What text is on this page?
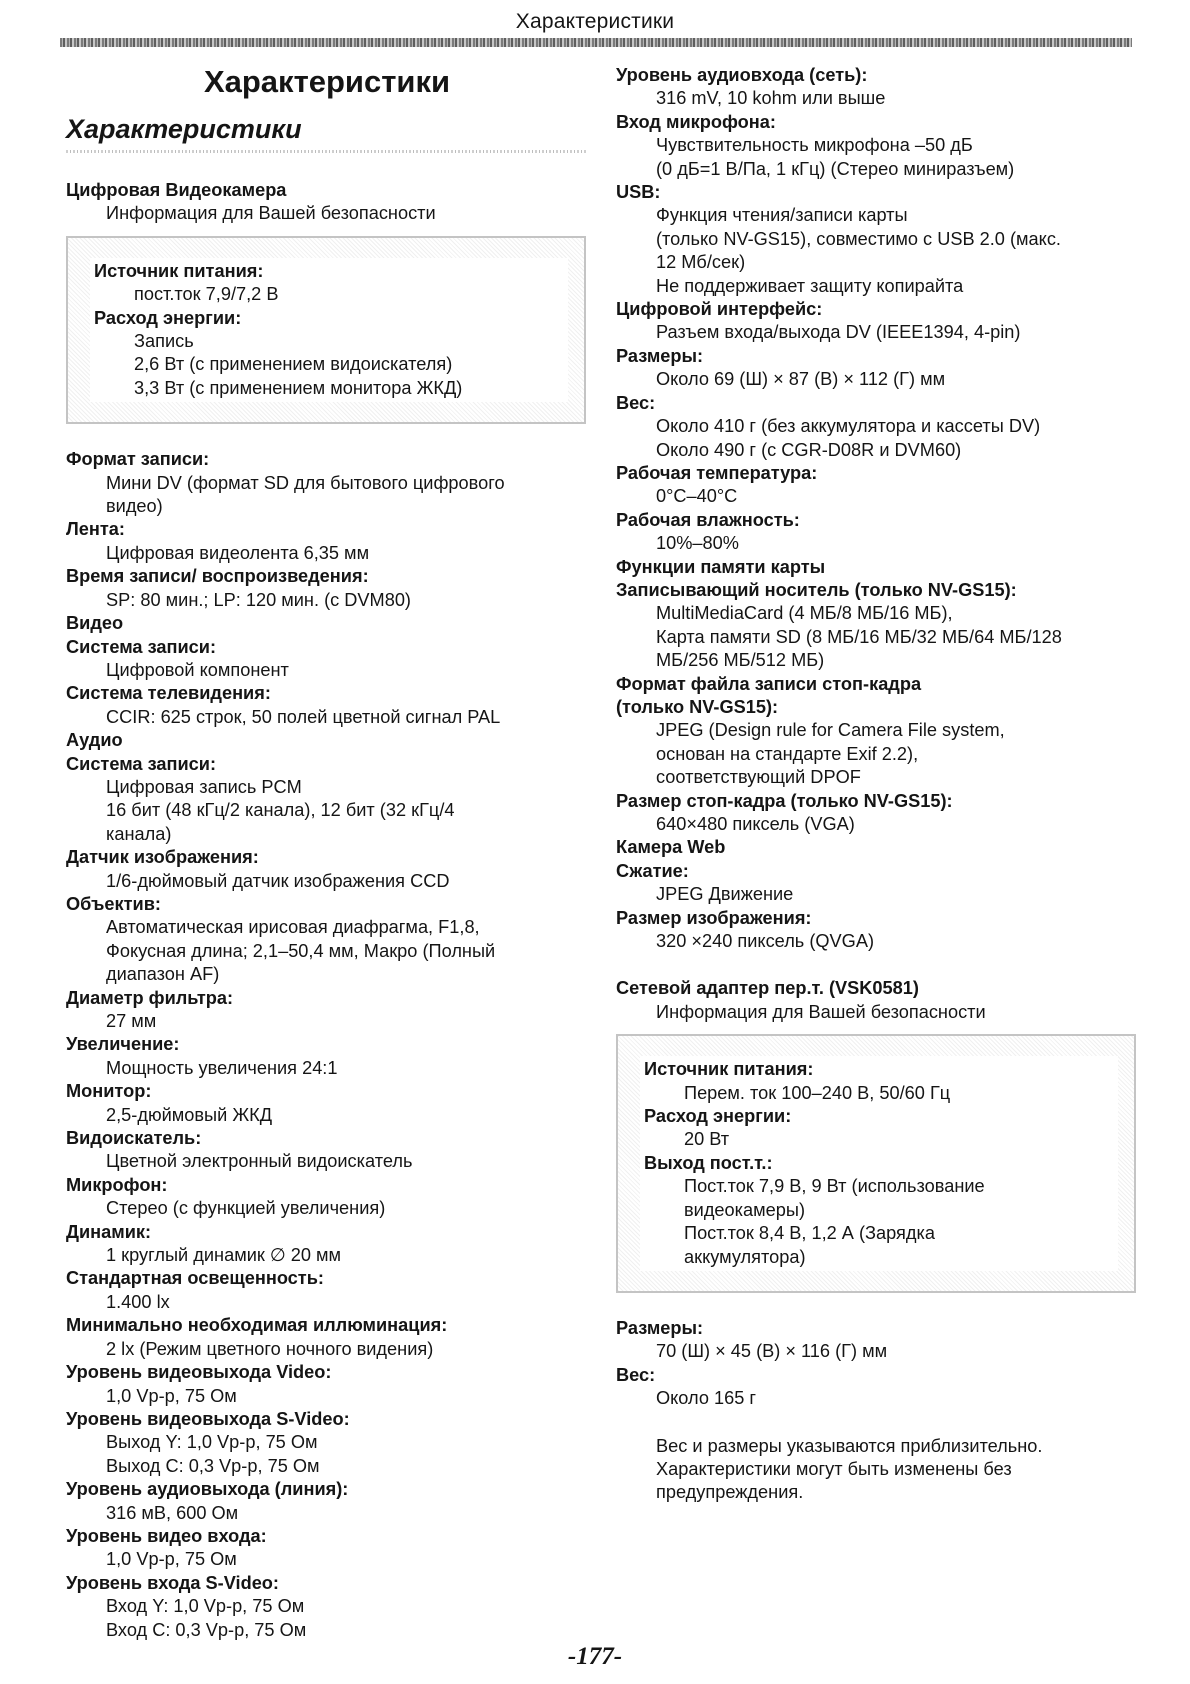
Характеристики
Характеристики
Характеристики
Цифровая Видеокамера
Информация для Вашей безопасности
Источник питания:
пост.ток 7,9/7,2 В
Расход энергии:
Запись
2,6 Вт (с применением видоискателя)
3,3 Вт (с применением монитора ЖКД)
Формат записи:
Мини DV (формат SD для бытового цифрового
видео)
Лента:
Цифровая видеолента 6,35 мм
Время записи/ воспроизведения:
SP: 80 мин.; LP: 120 мин. (с DVM80)
Видео
Система записи:
Цифровой компонент
Система телевидения:
CCIR: 625 строк, 50 полей цветной сигнал PAL
Аудио
Система записи:
Цифровая запись PCM
16 бит (48 кГц/2 канала), 12 бит (32 кГц/4
канала)
Датчик изображения:
1/6-дюймовый датчик изображения CCD
Объектив:
Автоматическая ирисовая диафрагма, F1,8,
Фокусная длина; 2,1–50,4 мм, Макро (Полный
диапазон AF)
Диаметр фильтра:
27 мм
Увеличение:
Мощность увеличения 24:1
Монитор:
2,5-дюймовый ЖКД
Видоискатель:
Цветной электронный видоискатель
Микрофон:
Стерео (с функцией увеличения)
Динамик:
1 круглый динамик ∅ 20 мм
Стандартная освещенность:
1.400 lx
Минимально необходимая иллюминация:
2 lx (Режим цветного ночного видения)
Уровень видеовыхода Video:
1,0 Vp-p, 75 Ом
Уровень видеовыхода S-Video:
Выход Y: 1,0 Vp-p, 75 Ом
Выход C: 0,3 Vp-p, 75 Ом
Уровень аудиовыхода (линия):
316 мВ, 600 Ом
Уровень видео входа:
1,0 Vp-p, 75 Ом
Уровень входа S-Video:
Вход Y: 1,0 Vp-p, 75 Ом
Вход C: 0,3 Vp-p, 75 Ом
Уровень аудиовхода (сеть):
316 mV, 10 kohm или выше
Вход микрофона:
Чувствительность микрофона –50 дБ
(0 дБ=1 В/Па, 1 кГц) (Стерео миниразъем)
USB:
Функция чтения/записи карты
(только NV-GS15), совместимо с USB 2.0 (макс.
12 Мб/сек)
Не поддерживает защиту копирайта
Цифровой интерфейс:
Разъем входа/выхода DV (IEEE1394, 4-pin)
Размеры:
Около 69 (Ш) × 87 (В) × 112 (Г) мм
Вес:
Около 410 г (без аккумулятора и кассеты DV)
Около 490 г (с CGR-D08R и DVM60)
Рабочая температура:
0°C–40°C
Рабочая влажность:
10%–80%
Функции памяти карты
Записывающий носитель (только NV-GS15):
MultiMediaCard (4 МБ/8 МБ/16 МБ),
Карта памяти SD (8 МБ/16 МБ/32 МБ/64 МБ/128
МБ/256 МБ/512 МБ)
Формат файла записи стоп-кадра
(только NV-GS15):
JPEG (Design rule for Camera File system,
основан на стандарте Exif 2.2),
соответствующий DPOF
Размер стоп-кадра (только NV-GS15):
640×480 пиксель (VGA)
Камера Web
Сжатие:
JPEG Движение
Размер изображения:
320 ×240 пиксель (QVGA)
Сетевой адаптер пер.т. (VSK0581)
Информация для Вашей безопасности
Источник питания:
Перем. ток 100–240 В, 50/60 Гц
Расход энергии:
20 Вт
Выход пост.т.:
Пост.ток 7,9 В, 9 Вт (использование
видеокамеры)
Пост.ток 8,4 В, 1,2 А (Зарядка
аккумулятора)
Размеры:
70 (Ш) × 45 (В) × 116 (Г) мм
Вес:
Около 165 г
Вес и размеры указываются приблизительно.
Характеристики могут быть изменены без
предупреждения.
-177-
